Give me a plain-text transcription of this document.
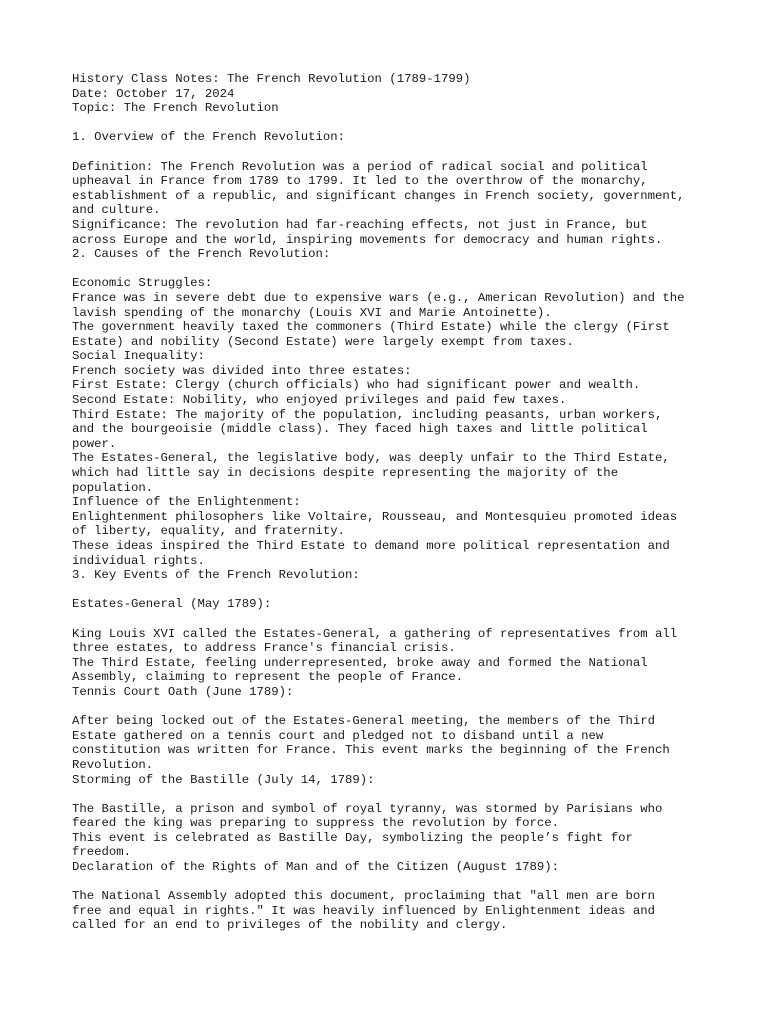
History Class Notes: The French Revolution (1789-1799)
Date: October 17, 2024
Topic: The French Revolution
1. Overview of the French Revolution:
Definition: The French Revolution was a period of radical social and political
upheaval in France from 1789 to 1799. It led to the overthrow of the monarchy,
establishment of a republic, and significant changes in French society, government,
and culture.
Significance: The revolution had far-reaching effects, not just in France, but
across Europe and the world, inspiring movements for democracy and human rights.
2. Causes of the French Revolution:
Economic Struggles:
France was in severe debt due to expensive wars (e.g., American Revolution) and the
lavish spending of the monarchy (Louis XVI and Marie Antoinette).
The government heavily taxed the commoners (Third Estate) while the clergy (First
Estate) and nobility (Second Estate) were largely exempt from taxes.
Social Inequality:
French society was divided into three estates:
First Estate: Clergy (church officials) who had significant power and wealth.
Second Estate: Nobility, who enjoyed privileges and paid few taxes.
Third Estate: The majority of the population, including peasants, urban workers,
and the bourgeoisie (middle class). They faced high taxes and little political
power.
The Estates-General, the legislative body, was deeply unfair to the Third Estate,
which had little say in decisions despite representing the majority of the
population.
Influence of the Enlightenment:
Enlightenment philosophers like Voltaire, Rousseau, and Montesquieu promoted ideas
of liberty, equality, and fraternity.
These ideas inspired the Third Estate to demand more political representation and
individual rights.
3. Key Events of the French Revolution:
Estates-General (May 1789):
King Louis XVI called the Estates-General, a gathering of representatives from all
three estates, to address France's financial crisis.
The Third Estate, feeling underrepresented, broke away and formed the National
Assembly, claiming to represent the people of France.
Tennis Court Oath (June 1789):
After being locked out of the Estates-General meeting, the members of the Third
Estate gathered on a tennis court and pledged not to disband until a new
constitution was written for France. This event marks the beginning of the French
Revolution.
Storming of the Bastille (July 14, 1789):
The Bastille, a prison and symbol of royal tyranny, was stormed by Parisians who
feared the king was preparing to suppress the revolution by force.
This event is celebrated as Bastille Day, symbolizing the people’s fight for
freedom.
Declaration of the Rights of Man and of the Citizen (August 1789):
The National Assembly adopted this document, proclaiming that "all men are born
free and equal in rights." It was heavily influenced by Enlightenment ideas and
called for an end to privileges of the nobility and clergy.
